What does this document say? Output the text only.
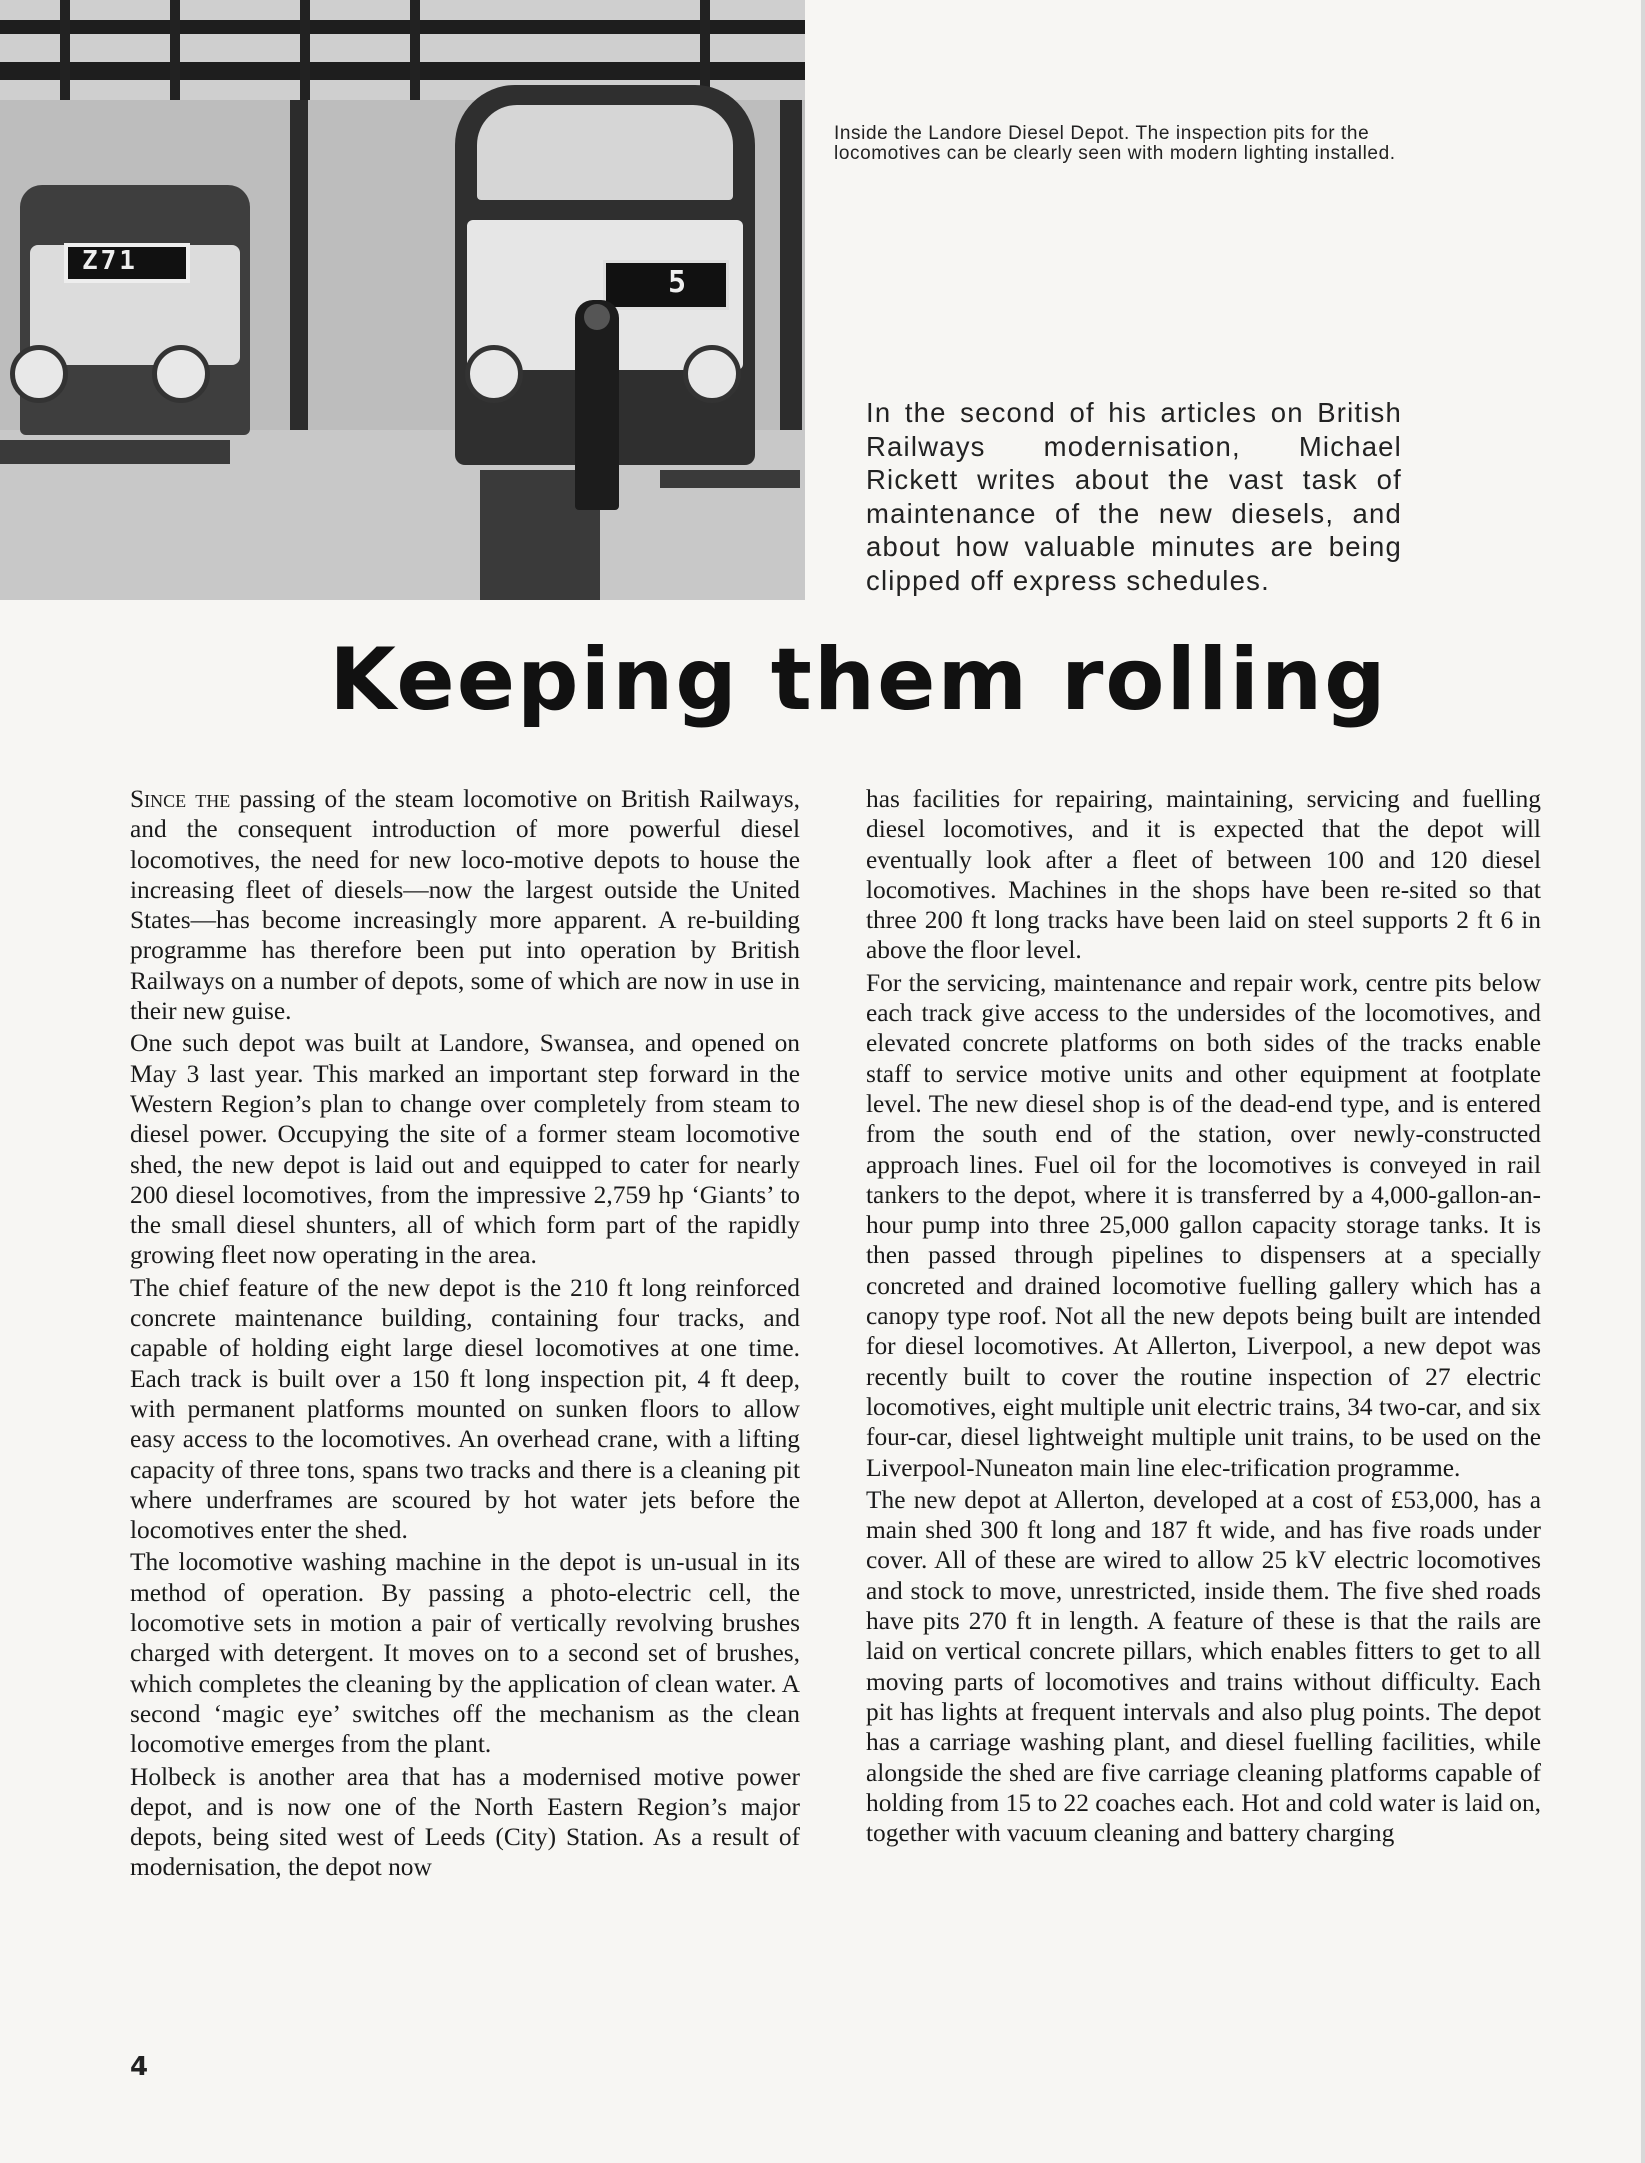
Z71
5

Inside the Landore Diesel Depot. The inspection pits for the locomotives can be clearly seen with modern lighting installed.

In the second of his articles on British Railways modernisation, Michael Rickett writes about the vast task of maintenance of the new diesels, and about how valuable minutes are being clipped off express schedules.

Keeping them rolling

Since the passing of the steam locomotive on British Railways, and the consequent introduction of more powerful diesel locomotives, the need for new loco-motive depots to house the increasing fleet of diesels—now the largest outside the United States—has become increasingly more apparent. A re-building programme has therefore been put into operation by British Railways on a number of depots, some of which are now in use in their new guise.

One such depot was built at Landore, Swansea, and opened on May 3 last year. This marked an important step forward in the Western Region’s plan to change over completely from steam to diesel power. Occupying the site of a former steam locomotive shed, the new depot is laid out and equipped to cater for nearly 200 diesel locomotives, from the impressive 2,759 hp ‘Giants’ to the small diesel shunters, all of which form part of the rapidly growing fleet now operating in the area.

The chief feature of the new depot is the 210 ft long reinforced concrete maintenance building, containing four tracks, and capable of holding eight large diesel locomotives at one time. Each track is built over a 150 ft long inspection pit, 4 ft deep, with permanent platforms mounted on sunken floors to allow easy access to the locomotives. An overhead crane, with a lifting capacity of three tons, spans two tracks and there is a cleaning pit where underframes are scoured by hot water jets before the locomotives enter the shed.

The locomotive washing machine in the depot is un-usual in its method of operation. By passing a photo-electric cell, the locomotive sets in motion a pair of vertically revolving brushes charged with detergent. It moves on to a second set of brushes, which completes the cleaning by the application of clean water. A second ‘magic eye’ switches off the mechanism as the clean locomotive emerges from the plant.

Holbeck is another area that has a modernised motive power depot, and is now one of the North Eastern Region’s major depots, being sited west of Leeds (City) Station. As a result of modernisation, the depot now

has facilities for repairing, maintaining, servicing and fuelling diesel locomotives, and it is expected that the depot will eventually look after a fleet of between 100 and 120 diesel locomotives. Machines in the shops have been re-sited so that three 200 ft long tracks have been laid on steel supports 2 ft 6 in above the floor level.

For the servicing, maintenance and repair work, centre pits below each track give access to the undersides of the locomotives, and elevated concrete platforms on both sides of the tracks enable staff to service motive units and other equipment at footplate level. The new diesel shop is of the dead-end type, and is entered from the south end of the station, over newly-constructed approach lines. Fuel oil for the locomotives is conveyed in rail tankers to the depot, where it is transferred by a 4,000-gallon-an-hour pump into three 25,000 gallon capacity storage tanks. It is then passed through pipelines to dispensers at a specially concreted and drained locomotive fuelling gallery which has a canopy type roof. Not all the new depots being built are intended for diesel locomotives. At Allerton, Liverpool, a new depot was recently built to cover the routine inspection of 27 electric locomotives, eight multiple unit electric trains, 34 two-car, and six four-car, diesel lightweight multiple unit trains, to be used on the Liverpool-Nuneaton main line elec-trification programme.

The new depot at Allerton, developed at a cost of £53,000, has a main shed 300 ft long and 187 ft wide, and has five roads under cover. All of these are wired to allow 25 kV electric locomotives and stock to move, unrestricted, inside them. The five shed roads have pits 270 ft in length. A feature of these is that the rails are laid on vertical concrete pillars, which enables fitters to get to all moving parts of locomotives and trains without difficulty. Each pit has lights at frequent intervals and also plug points. The depot has a carriage washing plant, and diesel fuelling facilities, while alongside the shed are five carriage cleaning platforms capable of holding from 15 to 22 coaches each. Hot and cold water is laid on, together with vacuum cleaning and battery charging

4
